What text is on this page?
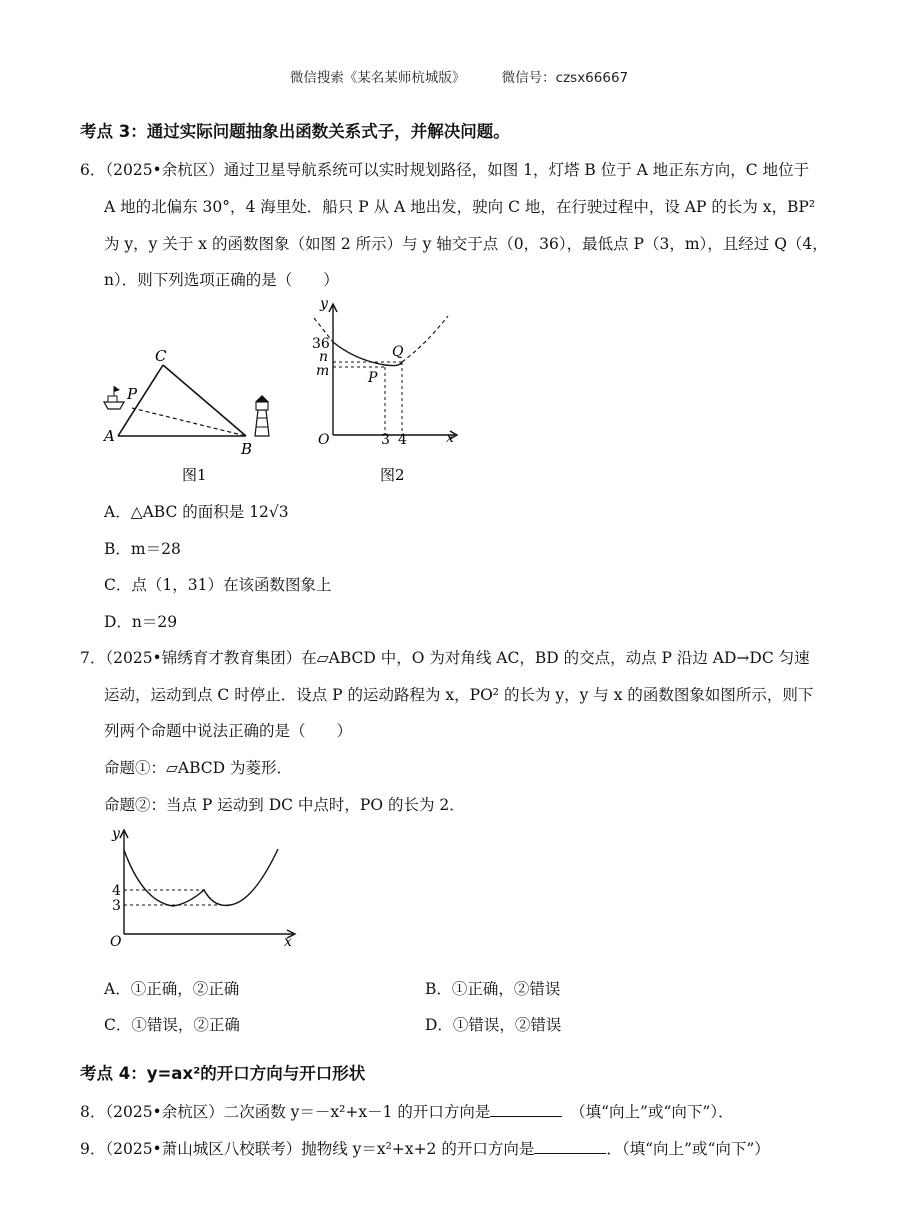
微信搜索《某名某师杭城版》	微信号：czsx66667
考点 3：通过实际问题抽象出函数关系式子，并解决问题。
6．（2025•余杭区）通过卫星导航系统可以实时规划路径，如图 1，灯塔 B 位于 A 地正东方向，C 地位于
A 地的北偏东 30°，4 海里处．船只 P 从 A 地出发，驶向 C 地，在行驶过程中，设 AP 的长为 x，BP²
为 y，y 关于 x 的函数图象（如图 2 所示）与 y 轴交于点（0，36），最低点 P（3，m），且经过 Q（4，
n）．则下列选项正确的是（　　）
A
B
C
P
图1
y
x
O
36
n
m
3 4
P
Q
图2
A．△ABC 的面积是 12√3
B．m＝28
C．点（1，31）在该函数图象上
D．n＝29
7．（2025•锦绣育才教育集团）在▱ABCD 中，O 为对角线 AC，BD 的交点，动点 P 沿边 AD→DC 匀速
运动，运动到点 C 时停止．设点 P 的运动路程为 x，PO² 的长为 y，y 与 x 的函数图象如图所示，则下
列两个命题中说法正确的是（　　）
命题①：▱ABCD 为菱形．
命题②：当点 P 运动到 DC 中点时，PO 的长为 2．
y
x
O
4
3
A．①正确，②正确	B．①正确，②错误
C．①错误，②正确	D．①错误，②错误
考点 4：y=ax²的开口方向与开口形状
8．（2025•余杭区）二次函数 y＝－x²+x－1 的开口方向是　	（填“向上”或“向下”）．
9．（2025•萧山城区八校联考）抛物线 y＝x²+x+2 的开口方向是	．（填“向上”或“向下”）
